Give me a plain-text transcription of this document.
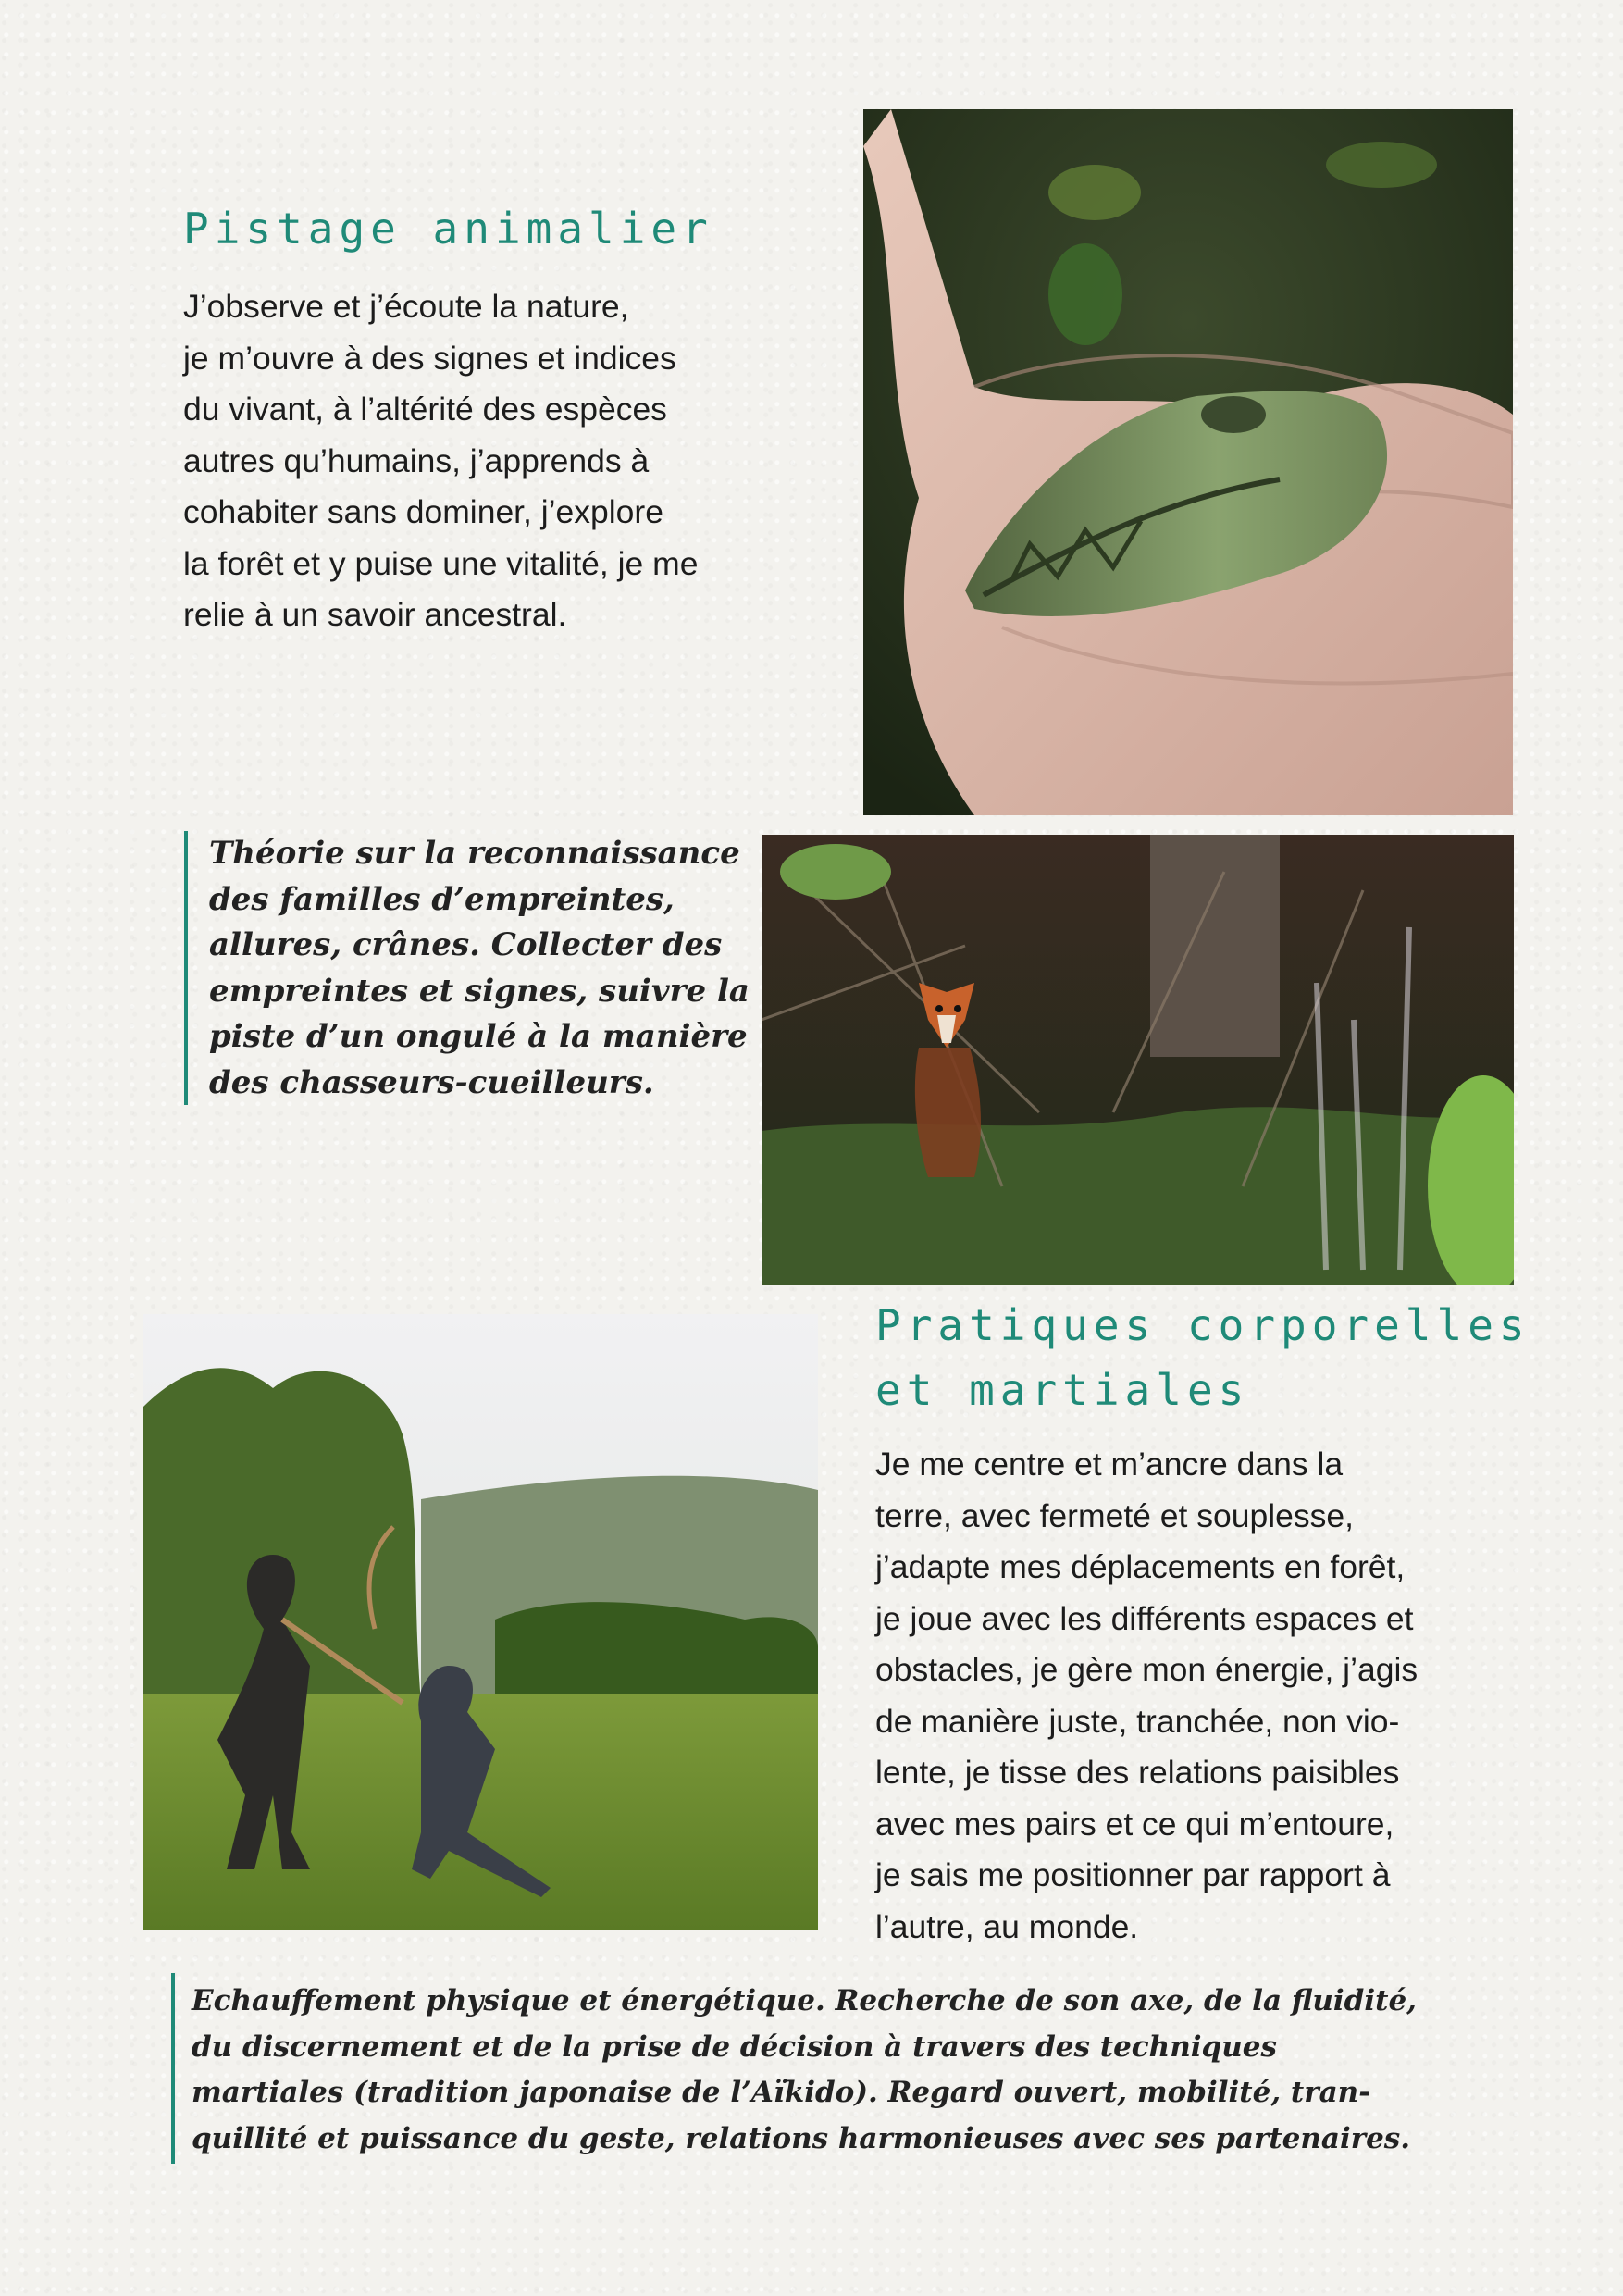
Pistage animalier
J’observe et j’écoute la nature,
je m’ouvre à des signes et indices
du vivant, à l’altérité des espèces
autres qu’humains, j’apprends à
cohabiter sans dominer, j’explore
la forêt et y puise une vitalité, je me
relie à un savoir ancestral.
Théorie sur la reconnaissance
des familles d’empreintes,
allures, crânes. Collecter des
empreintes et signes, suivre la
piste d’un ongulé à la manière
des chasseurs-cueilleurs.
Pratiques corporelles
et martiales
Je me centre et m’ancre dans la
terre, avec fermeté et souplesse,
j’adapte mes déplacements en forêt,
je joue avec les différents espaces et
obstacles, je gère mon énergie, j’agis
de manière juste, tranchée, non vio-
lente, je tisse des relations paisibles
avec mes pairs et ce qui m’entoure,
je sais me positionner par rapport à
l’autre, au monde.
Echauffement physique et énergétique. Recherche de son axe, de la fluidité,
du discernement et de la prise de décision à travers des techniques
martiales (tradition japonaise de l’Aïkido). Regard ouvert, mobilité, tran-
quillité et puissance du geste, relations harmonieuses avec ses partenaires.
